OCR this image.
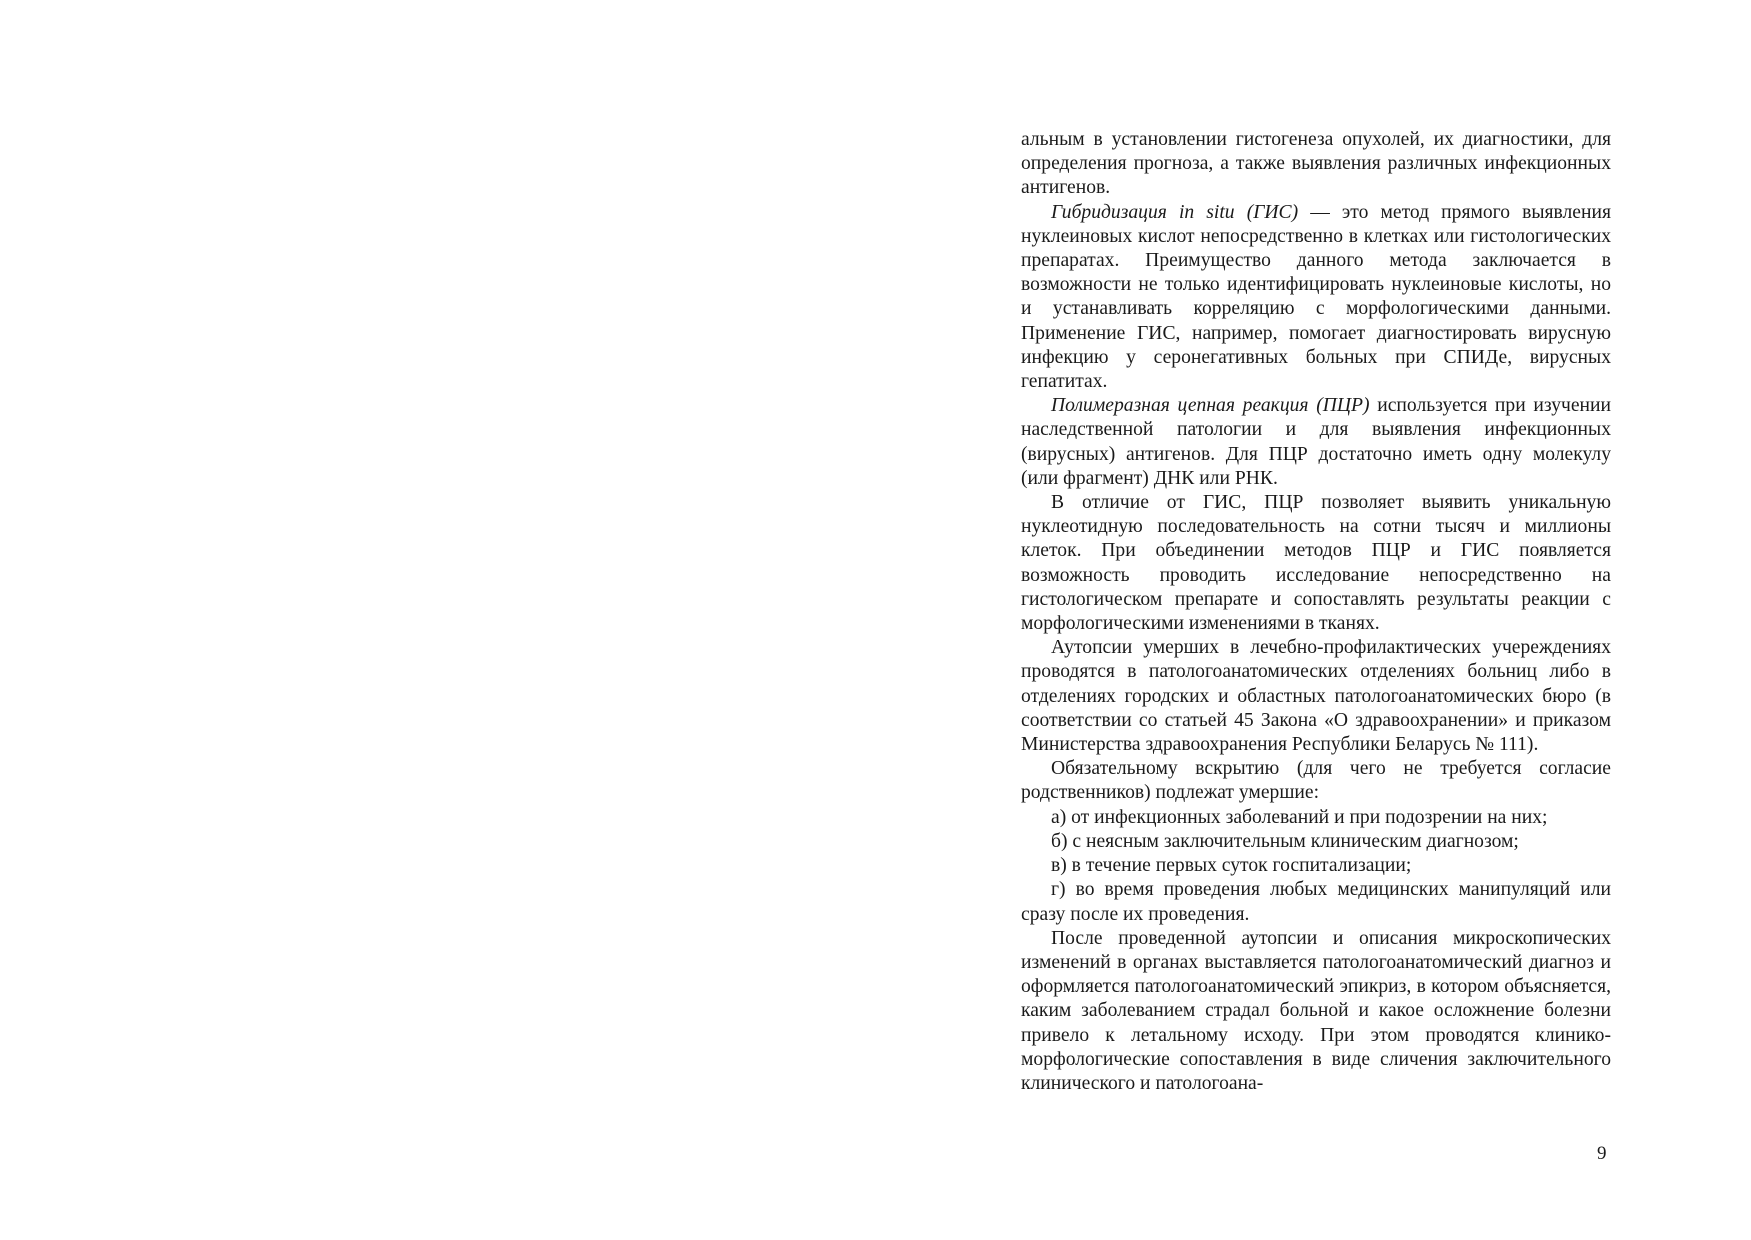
альным в установлении гистогенеза опухолей, их диагностики, для определения прогноза, а также выявления различных инфекционных антигенов.

Гибридизация in situ (ГИС) — это метод прямого выявления нуклеиновых кислот непосредственно в клетках или гистологических препаратах. Преимущество данного метода заключается в возможности не только идентифицировать нуклеиновые кислоты, но и устанавливать корреляцию с морфологическими данными. Применение ГИС, например, помогает диагностировать вирусную инфекцию у серонегативных больных при СПИДе, вирусных гепатитах.

Полимеразная цепная реакция (ПЦР) используется при изучении наследственной патологии и для выявления инфекционных (вирусных) антигенов. Для ПЦР достаточно иметь одну молекулу (или фрагмент) ДНК или РНК.

В отличие от ГИС, ПЦР позволяет выявить уникальную нуклеотидную последовательность на сотни тысяч и миллионы клеток. При объединении методов ПЦР и ГИС появляется возможность проводить исследование непосредственно на гистологическом препарате и сопоставлять результаты реакции с морфологическими изменениями в тканях.

Аутопсии умерших в лечебно-профилактических учереждениях проводятся в патологоанатомических отделениях больниц либо в отделениях городских и областных патологоанатомических бюро (в соответствии со статьей 45 Закона «О здравоохранении» и приказом Министерства здравоохранения Республики Беларусь № 111).

Обязательному вскрытию (для чего не требуется согласие родственников) подлежат умершие:

а) от инфекционных заболеваний и при подозрении на них;

б) с неясным заключительным клиническим диагнозом;

в) в течение первых суток госпитализации;

г) во время проведения любых медицинских манипуляций или сразу после их проведения.

После проведенной аутопсии и описания микроскопических изменений в органах выставляется патологоанатомический диагноз и оформляется патологоанатомический эпикриз, в котором объясняется, каким заболеванием страдал больной и какое осложнение болезни привело к летальному исходу. При этом проводятся клинико-морфологические сопоставления в виде сличения заключительного клинического и патологоана-

9
